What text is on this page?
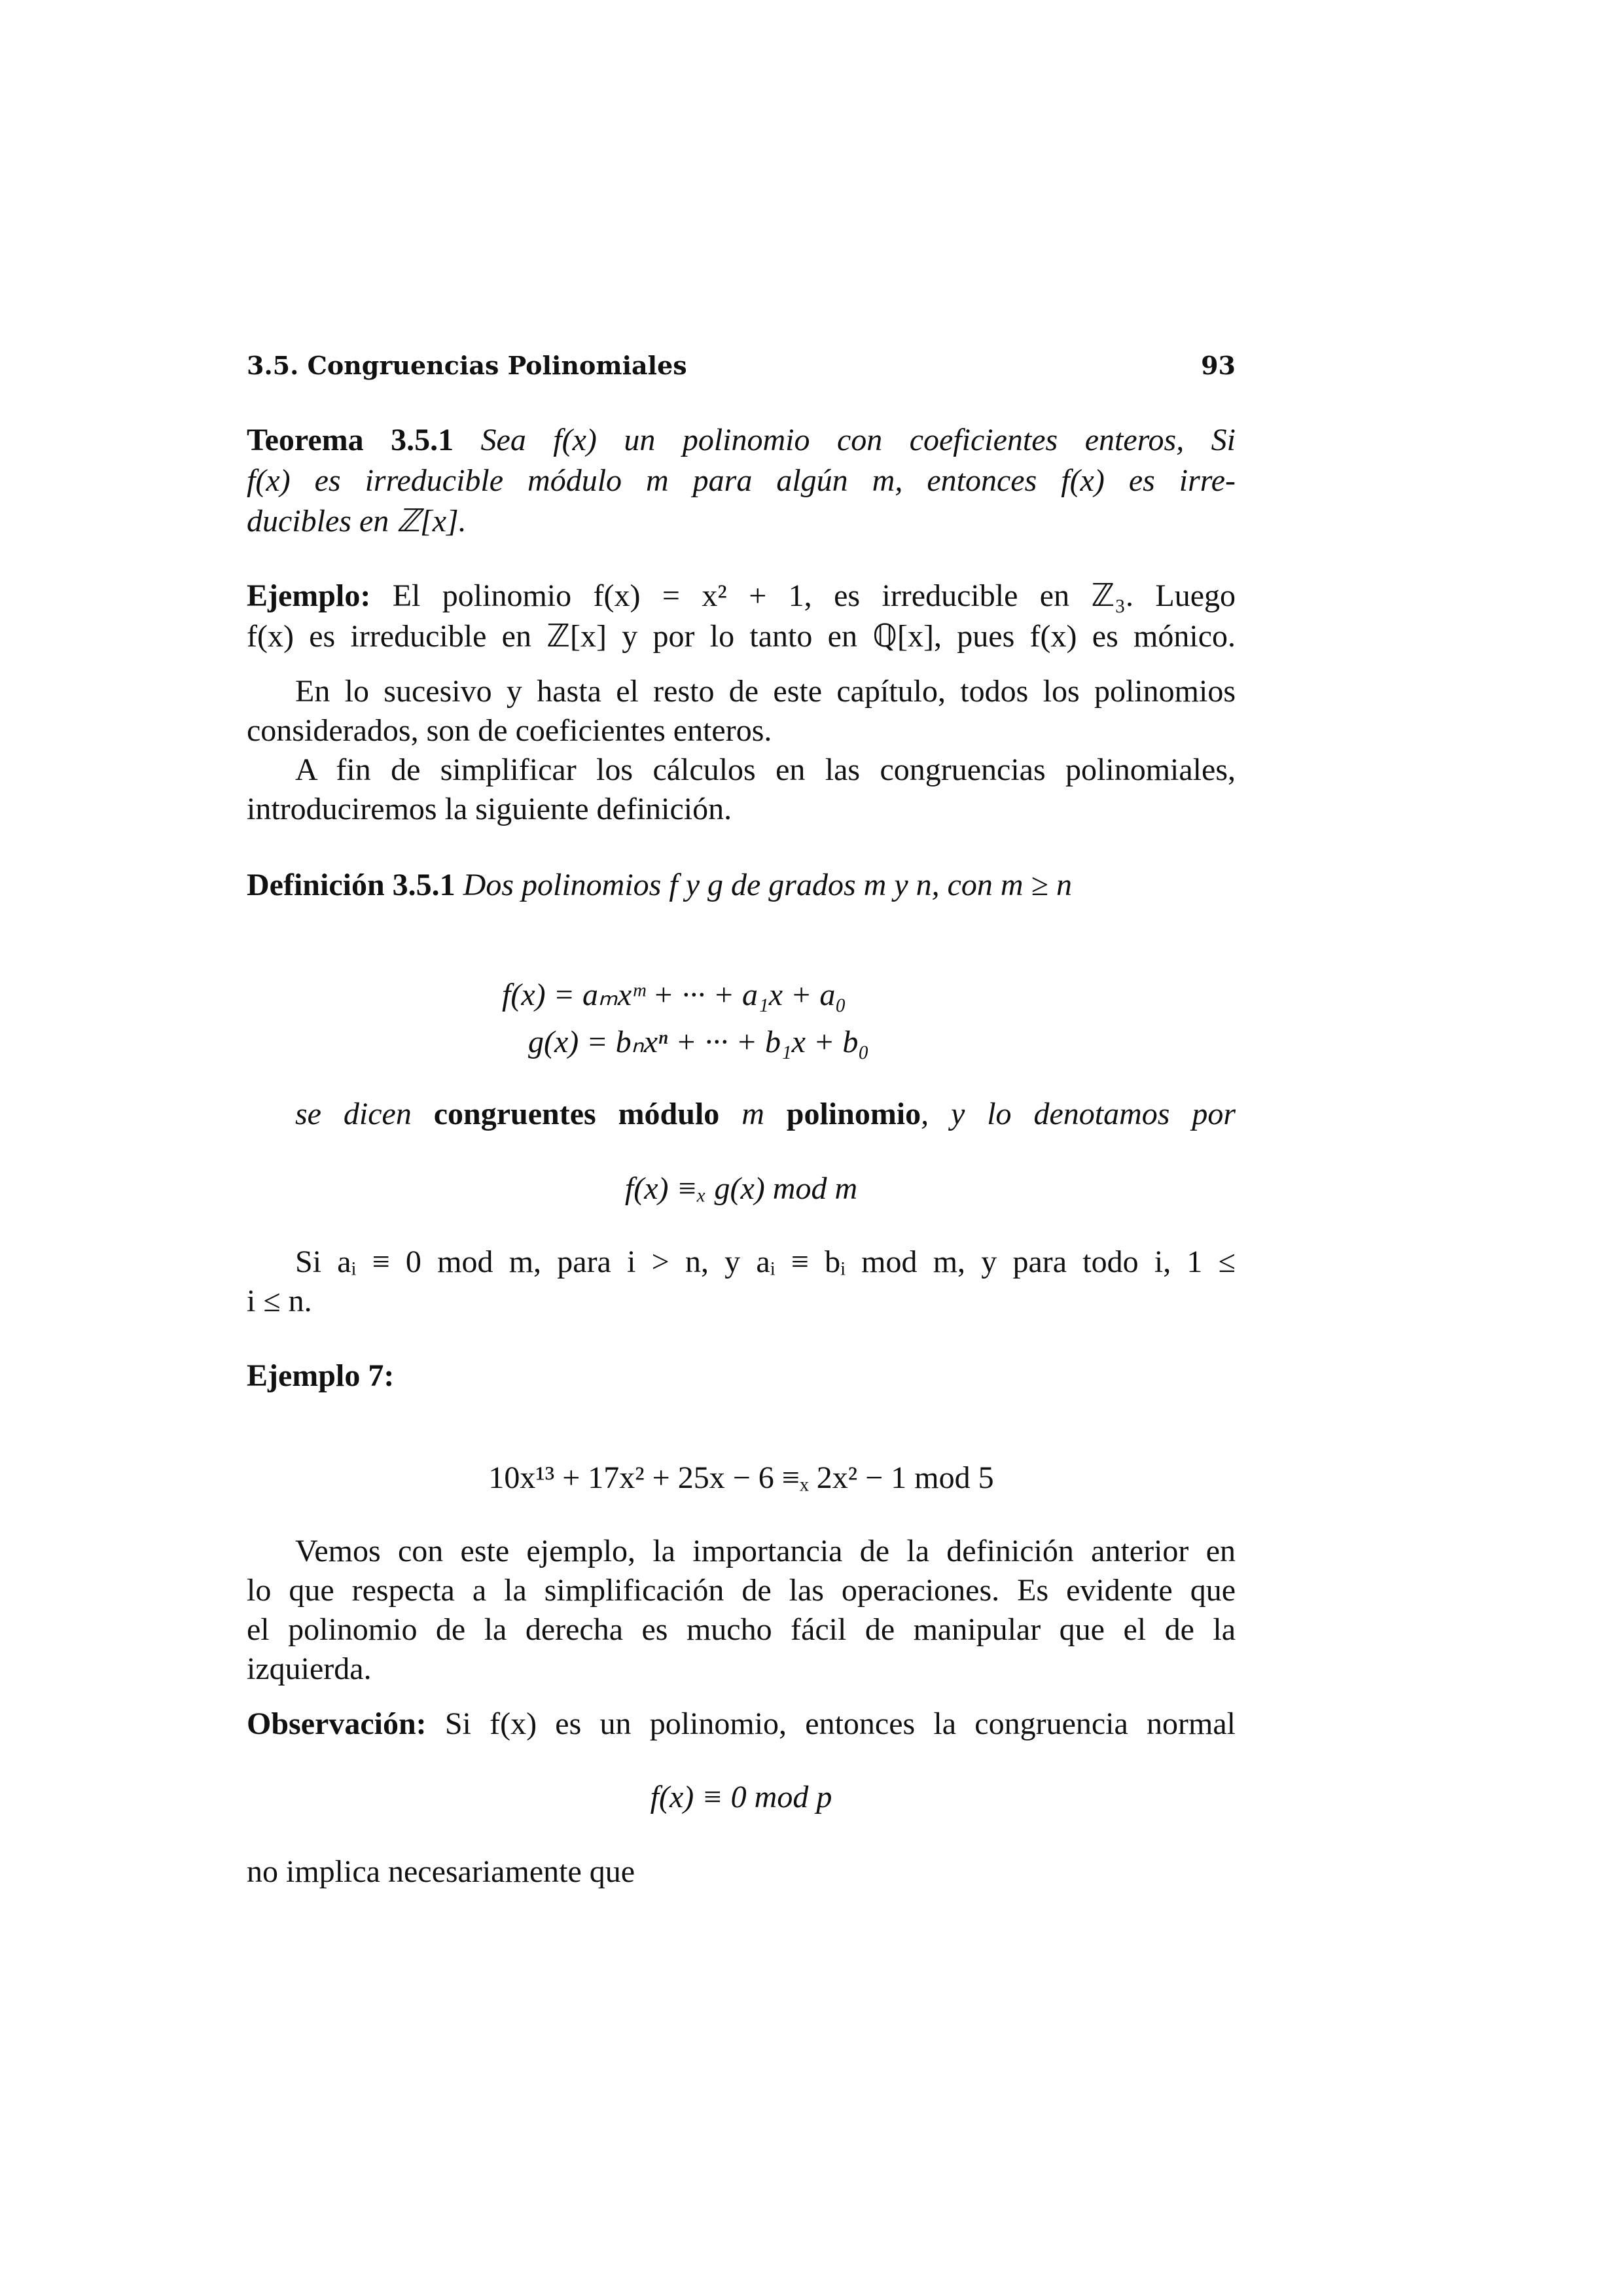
3.5. Congruencias Polinomiales	93
Teorema 3.5.1 Sea f(x) un polinomio con coeficientes enteros, Si
f(x) es irreducible módulo m para algún m, entonces f(x) es irre-
ducibles en ℤ[x].
Ejemplo: El polinomio f(x) = x² + 1, es irreducible en ℤ₃. Luego
f(x) es irreducible en ℤ[x] y por lo tanto en ℚ[x], pues f(x) es mónico.
En lo sucesivo y hasta el resto de este capítulo, todos los polinomios
considerados, son de coeficientes enteros.
A fin de simplificar los cálculos en las congruencias polinomiales,
introduciremos la siguiente definición.
Definición 3.5.1 Dos polinomios f y g de grados m y n, con m ≥ n
f(x) = aₘxᵐ + ··· + a₁x + a₀
g(x) = bₙxⁿ + ··· + b₁x + b₀
se dicen congruentes módulo m polinomio, y lo denotamos por
f(x) ≡ₓ g(x) mod m
Si aᵢ ≡ 0 mod m, para i > n, y aᵢ ≡ bᵢ mod m, y para todo i, 1 ≤
i ≤ n.
Ejemplo 7:
10x¹³ + 17x² + 25x − 6 ≡ₓ 2x² − 1 mod 5
Vemos con este ejemplo, la importancia de la definición anterior en
lo que respecta a la simplificación de las operaciones. Es evidente que
el polinomio de la derecha es mucho fácil de manipular que el de la
izquierda.
Observación: Si f(x) es un polinomio, entonces la congruencia normal
f(x) ≡ 0 mod p
no implica necesariamente que
